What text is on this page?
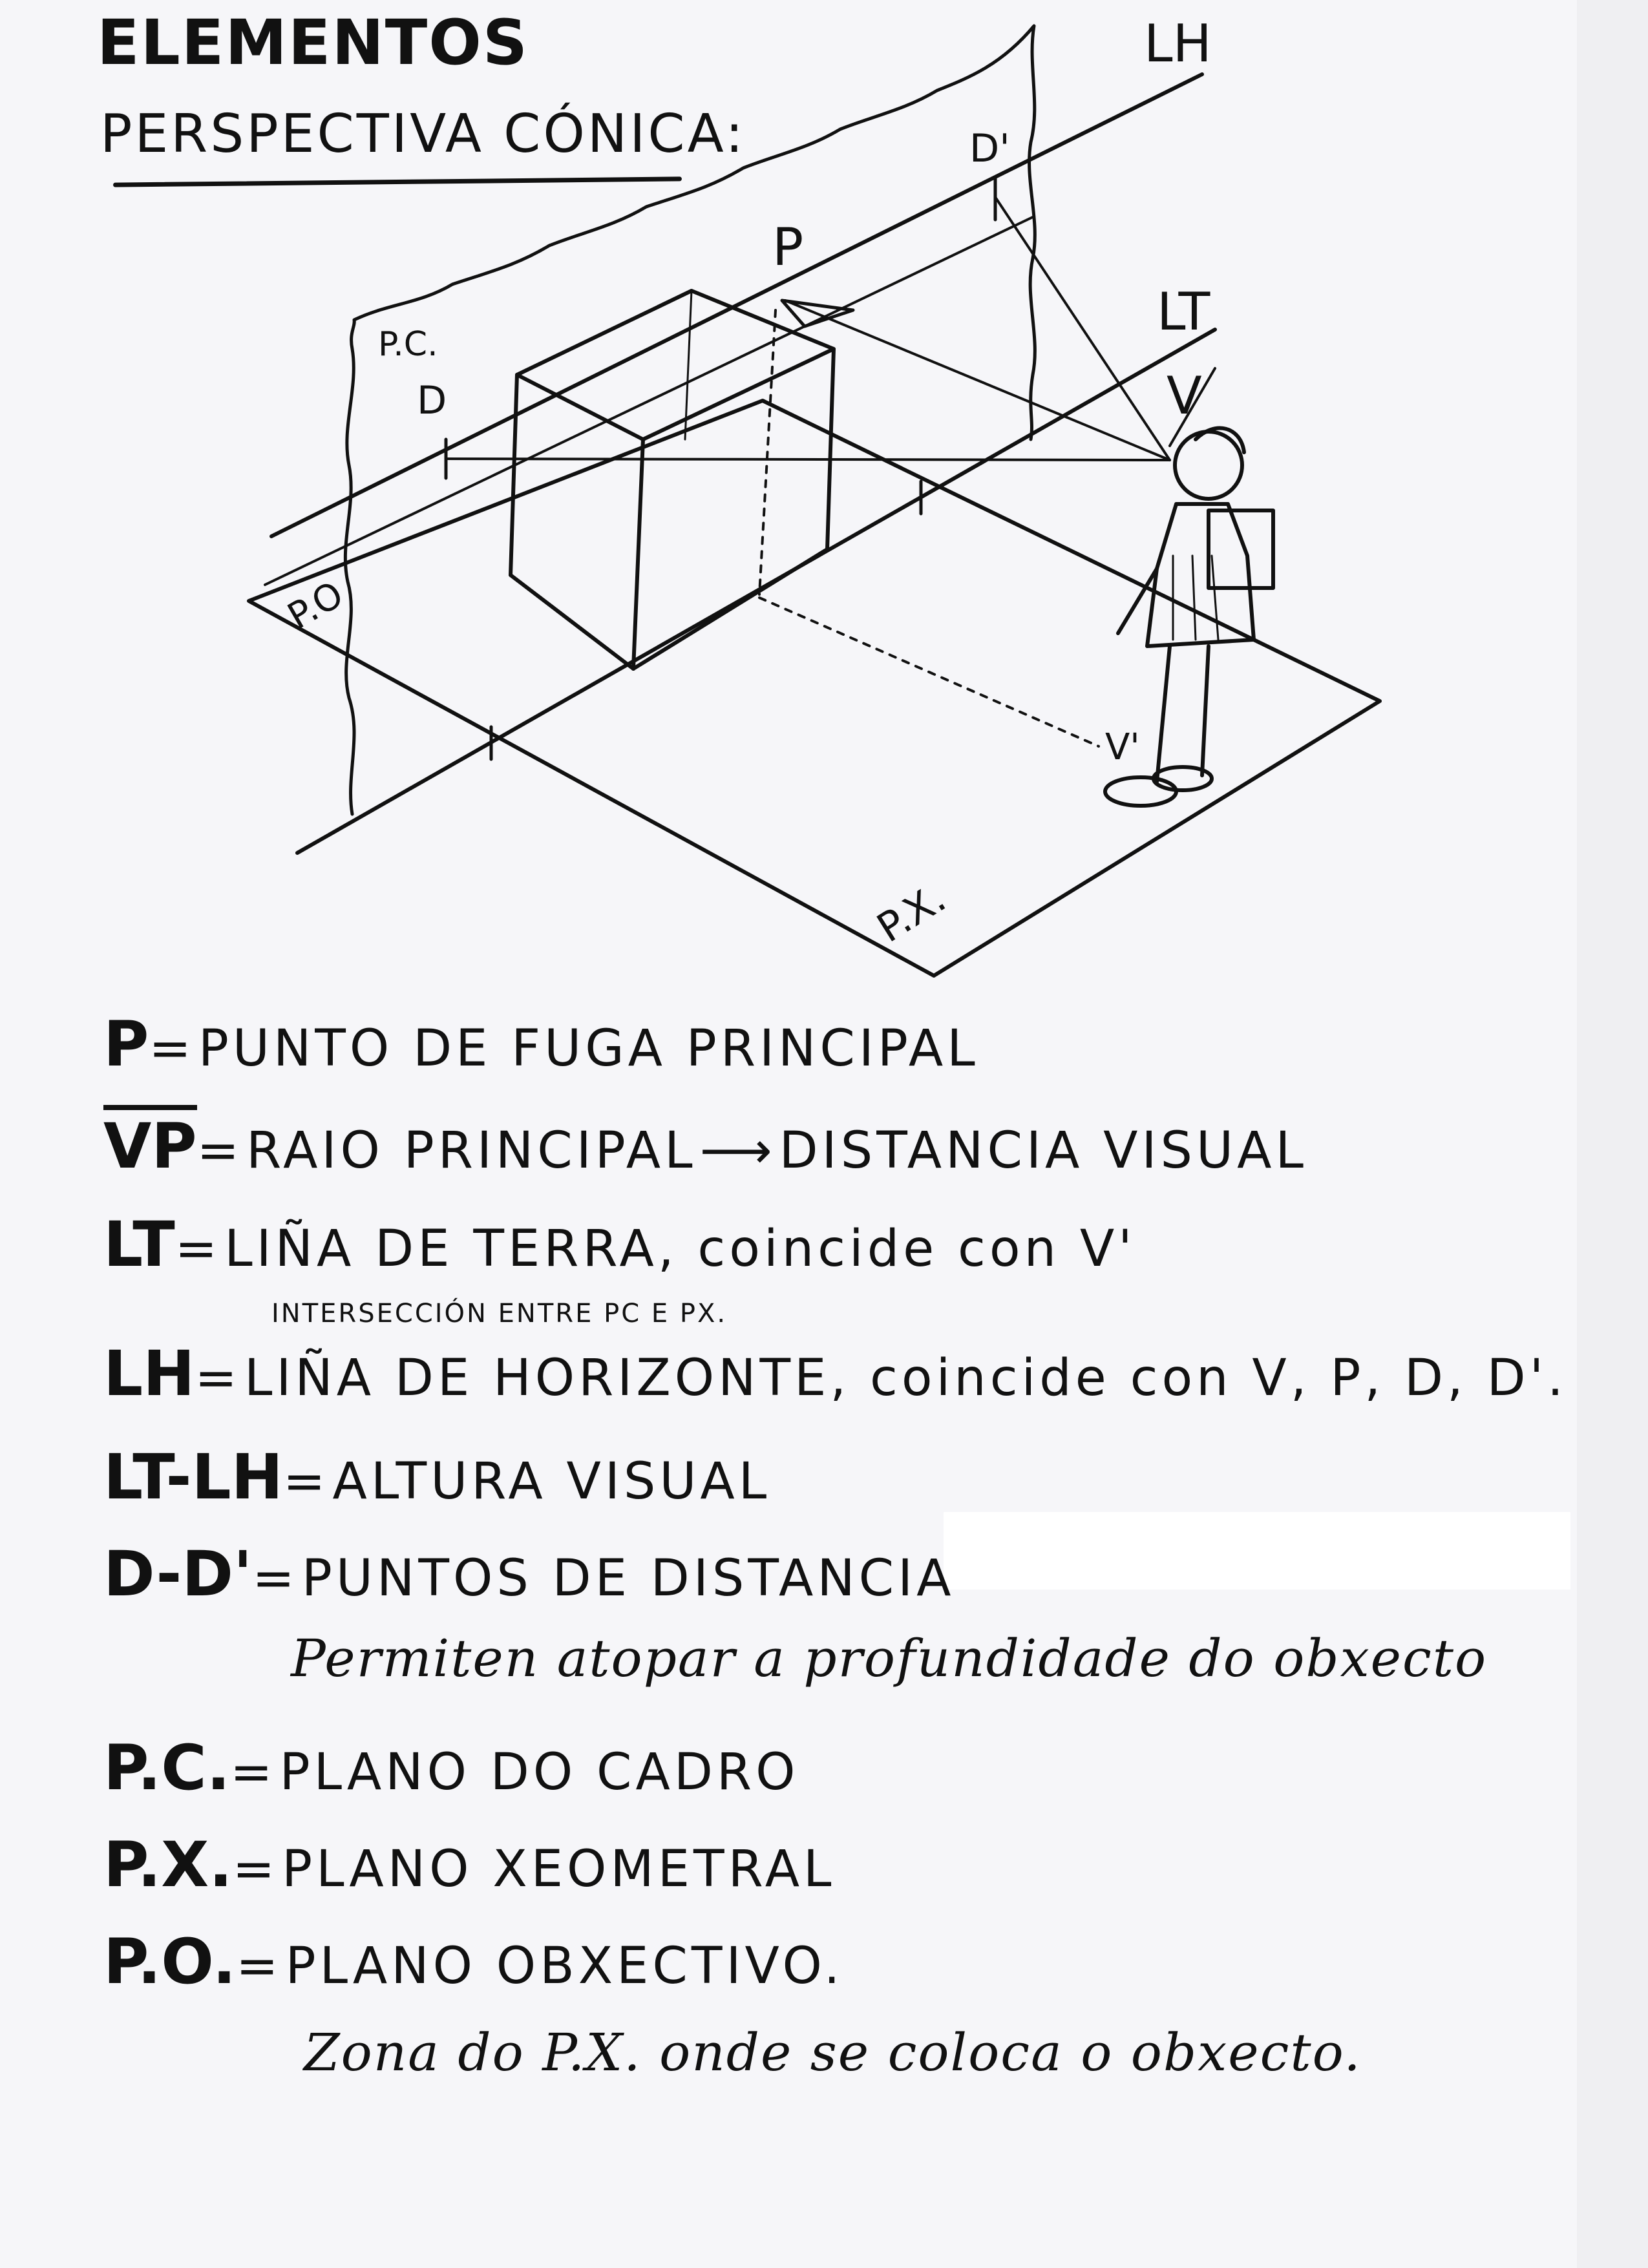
ELEMENTOS
PERSPECTIVA CÓNICA:
LH
LT
P
D
D'
V
V'
P.C.
P.O
P.X.
P= PUNTO DE FUGA PRINCIPAL
VP= RAIO PRINCIPAL ⟶ DISTANCIA VISUAL
LT= LIÑA DE TERRA, coincide con V'
INTERSECCIÓN ENTRE PC E PX.
LH= LIÑA DE HORIZONTE, coincide con V, P, D, D'.
LT-LH= ALTURA VISUAL
D-D'= PUNTOS DE DISTANCIA
Permiten atopar a profundidade do obxecto
P.C.= PLANO DO CADRO
P.X.= PLANO XEOMETRAL
P.O.= PLANO OBXECTIVO.
Zona do P.X. onde se coloca o obxecto.
